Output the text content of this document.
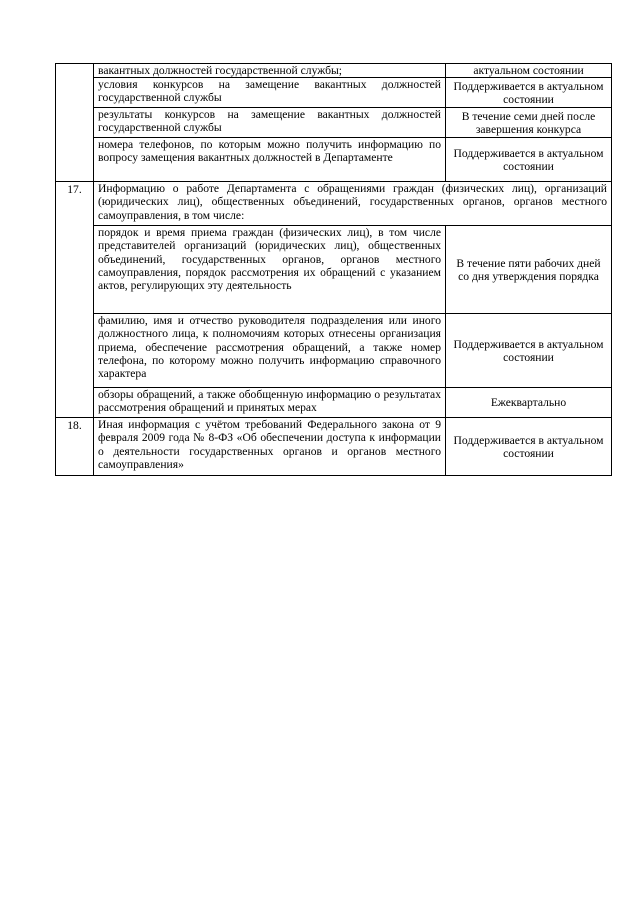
	вакантных должностей государственной службы;	актуальном состоянии
	условия конкурсов на замещение вакантных должностей государственной службы	Поддерживается в актуальном состоянии
	результаты конкурсов на замещение вакантных должностей государственной службы	В течение семи дней после завершения конкурса
	номера телефонов, по которым можно получить информацию по вопросу замещения вакантных должностей в Департаменте	Поддерживается в актуальном состоянии
17.	Информацию о работе Департамента с обращениями граждан (физических лиц), организаций (юридических лиц), общественных объединений, государственных органов, органов местного самоуправления, в том числе:	
	порядок и время приема граждан (физических лиц), в том числе представителей организаций (юридических лиц), общественных объединений, государственных органов, органов местного самоуправления, порядок рассмотрения их обращений с указанием актов, регулирующих эту деятельность	В течение пяти рабочих дней со дня утверждения порядка
	фамилию, имя и отчество руководителя подразделения или иного должностного лица, к полномочиям которых отнесены организация приема, обеспечение рассмотрения обращений, а также номер телефона, по которому можно получить информацию справочного характера	Поддерживается в актуальном состоянии
	обзоры обращений, а также обобщенную информацию о результатах рассмотрения обращений и принятых мерах	Ежеквартально
18.	Иная информация с учётом требований Федерального закона от 9 февраля 2009 года № 8-ФЗ «Об обеспечении доступа к информации о деятельности государственных органов и органов местного самоуправления»	Поддерживается в актуальном состоянии
